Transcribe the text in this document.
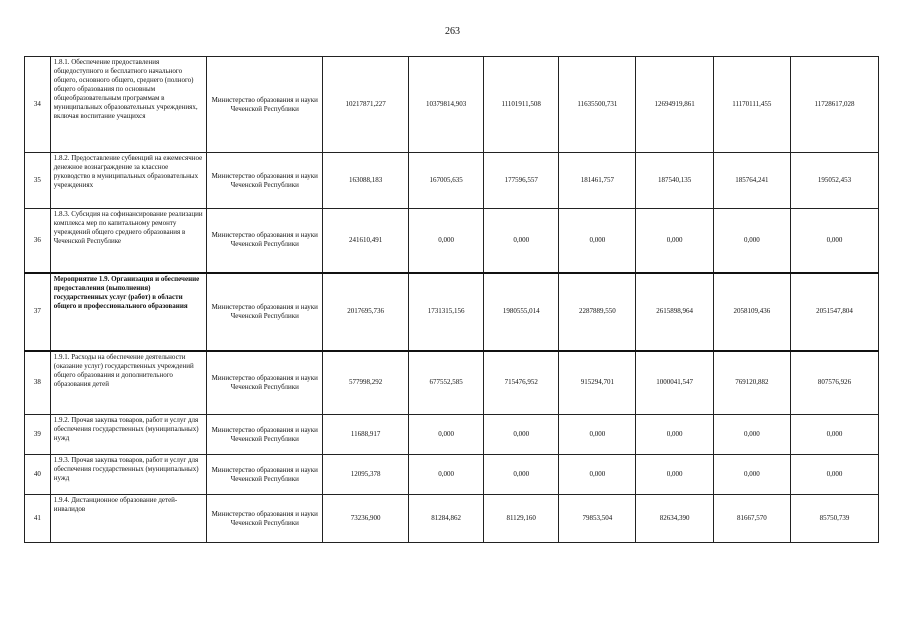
263
34	1.8.1. Обеспечение предоставления общедоступного и бесплатного начального общего, основного общего, среднего (полного) общего образования по основным общеобразовательным программам в муниципальных образовательных учреждениях, включая воспитание учащихся	Министерство образования и науки Чеченской Республики	10217871,227	10379814,903	11101911,508	11635500,731	12694919,861	11170111,455	11728617,028
35	1.8.2. Предоставление субвенций на ежемесячное денежное вознаграждение за классное руководство в муниципальных образовательных учреждениях	Министерство образования и науки Чеченской Республики	163088,183	167005,635	177596,557	181461,757	187540,135	185764,241	195052,453
36	1.8.3. Субсидия на софинансирование реализации комплекса мер по капитальному ремонту учреждений общего среднего образования в Чеченской Республике	Министерство образования и науки Чеченской Республики	241610,491	0,000	0,000	0,000	0,000	0,000	0,000
37	Мероприятие 1.9. Организация и обеспечение предоставления (выполнения) государственных услуг (работ) в области общего и профессионального образования	Министерство образования и науки Чеченской Республики	2017695,736	1731315,156	1980555,014	2287889,550	2615898,964	2058109,436	2051547,804
38	1.9.1. Расходы на обеспечение деятельности (оказание услуг) государственных учреждений общего образования и дополнительного образования детей	Министерство образования и науки Чеченской Республики	577998,292	677552,585	715476,952	915294,701	1000041,547	769120,882	807576,926
39	1.9.2. Прочая закупка товаров, работ и услуг для обеспечения государственных (муниципальных) нужд	Министерство образования и науки Чеченской Республики	11688,917	0,000	0,000	0,000	0,000	0,000	0,000
40	1.9.3. Прочая закупка товаров, работ и услуг для обеспечения государственных (муниципальных) нужд	Министерство образования и науки Чеченской Республики	12095,378	0,000	0,000	0,000	0,000	0,000	0,000
41	1.9.4. Дистанционное образование детей-инвалидов	Министерство образования и науки Чеченской Республики	73236,900	81284,862	81129,160	79853,504	82634,390	81667,570	85750,739
